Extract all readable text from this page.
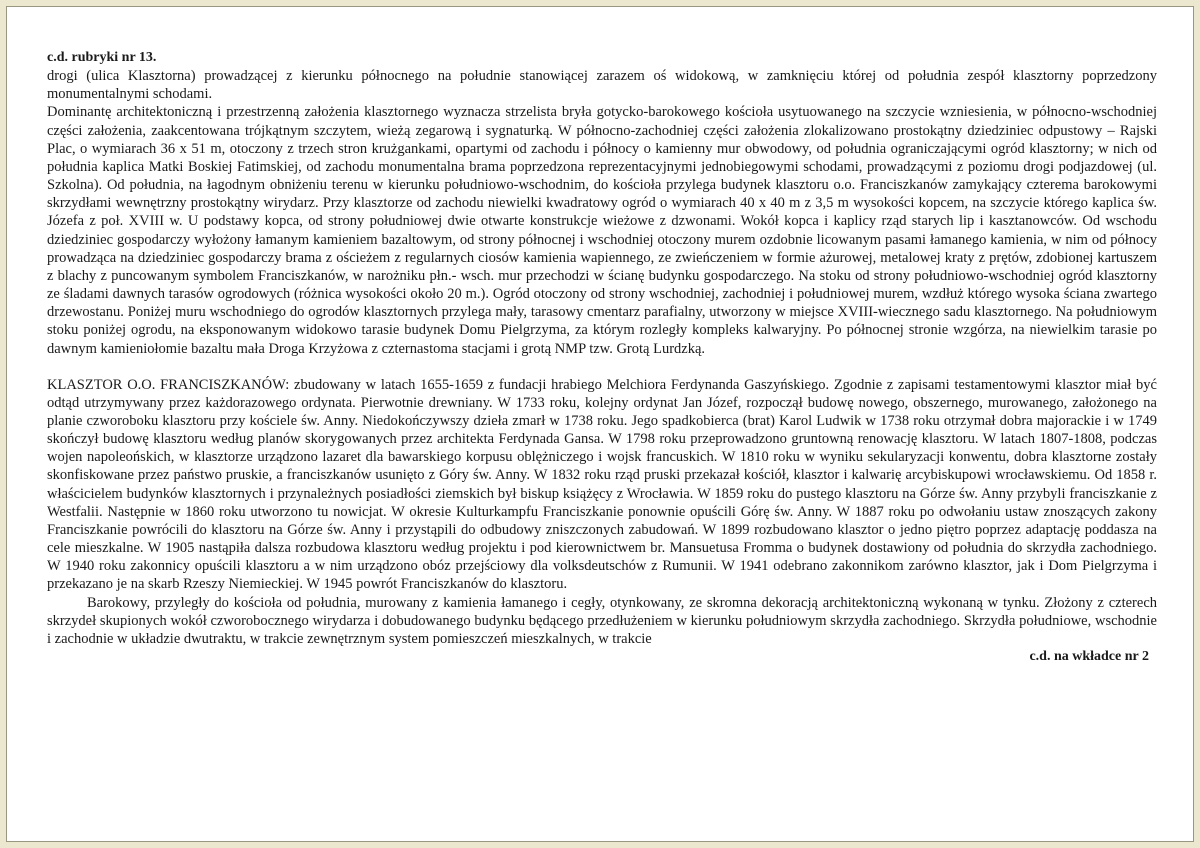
c.d. rubryki nr 13.

drogi (ulica Klasztorna) prowadzącej z kierunku północnego na południe stanowiącej zarazem oś widokową, w zamknięciu której od południa zespół klasztorny poprzedzony monumentalnymi schodami.

Dominantę architektoniczną i przestrzenną założenia klasztornego wyznacza strzelista bryła gotycko-barokowego kościoła usytuowanego na szczycie wzniesienia, w północno-wschodniej części założenia, zaakcentowana trójkątnym szczytem, wieżą zegarową i sygnaturką. W północno-zachodniej części założenia zlokalizowano prostokątny dziedziniec odpustowy – Rajski Plac, o wymiarach 36 x 51 m, otoczony z trzech stron krużgankami, opartymi od zachodu i północy o kamienny mur obwodowy, od południa ograniczającymi ogród klasztorny; w nich od południa kaplica Matki Boskiej Fatimskiej, od zachodu monumentalna brama poprzedzona reprezentacyjnymi jednobiegowymi schodami, prowadzącymi z poziomu drogi podjazdowej (ul. Szkolna). Od południa, na łagodnym obniżeniu terenu w kierunku południowo-wschodnim, do kościoła przylega budynek klasztoru o.o. Franciszkanów zamykający czterema barokowymi skrzydłami wewnętrzny prostokątny wirydarz. Przy klasztorze od zachodu niewielki kwadratowy ogród o wymiarach 40 x 40 m z 3,5 m wysokości kopcem, na szczycie którego kaplica św. Józefa z poł. XVIII w. U podstawy kopca, od strony południowej dwie otwarte konstrukcje wieżowe z dzwonami. Wokół kopca i kaplicy rząd starych lip i kasztanowców. Od wschodu dziedziniec gospodarczy wyłożony łamanym kamieniem bazaltowym, od strony północnej i wschodniej otoczony murem ozdobnie licowanym pasami łamanego kamienia, w nim od północy prowadząca na dziedziniec gospodarczy brama z ościeżem z regularnych ciosów kamienia wapiennego, ze zwieńczeniem w formie ażurowej, metalowej kraty z prętów, zdobionej kartuszem z blachy z puncowanym symbolem Franciszkanów, w narożniku płn.- wsch. mur przechodzi w ścianę budynku gospodarczego. Na stoku od strony południowo-wschodniej ogród klasztorny ze śladami dawnych tarasów ogrodowych (różnica wysokości około 20 m.). Ogród otoczony od strony wschodniej, zachodniej i południowej murem, wzdłuż którego wysoka ściana zwartego drzewostanu. Poniżej muru wschodniego do ogrodów klasztornych przylega mały, tarasowy cmentarz parafialny, utworzony w miejsce XVIII-wiecznego sadu klasztornego. Na południowym stoku poniżej ogrodu, na eksponowanym widokowo tarasie budynek Domu Pielgrzyma, za którym rozległy kompleks kalwaryjny. Po północnej stronie wzgórza, na niewielkim tarasie po dawnym kamieniołomie bazaltu mała Droga Krzyżowa z czternastoma stacjami i grotą NMP tzw. Grotą Lurdzką.

KLASZTOR O.O. FRANCISZKANÓW: zbudowany w latach 1655-1659 z fundacji hrabiego Melchiora Ferdynanda Gaszyńskiego. Zgodnie z zapisami testamentowymi klasztor miał być odtąd utrzymywany przez każdorazowego ordynata. Pierwotnie drewniany. W 1733 roku, kolejny ordynat Jan Józef, rozpoczął budowę nowego, obszernego, murowanego, założonego na planie czworoboku klasztoru przy kościele św. Anny. Niedokończywszy dzieła zmarł w 1738 roku. Jego spadkobierca (brat) Karol Ludwik w 1738 roku otrzymał dobra majorackie i w 1749 skończył budowę klasztoru według planów skorygowanych przez architekta Ferdynada Gansa. W 1798 roku przeprowadzono gruntowną renowację klasztoru. W latach 1807-1808, podczas wojen napoleońskich, w klasztorze urządzono lazaret dla bawarskiego korpusu oblężniczego i wojsk francuskich. W 1810 roku w wyniku sekularyzacji konwentu, dobra klasztorne zostały skonfiskowane przez państwo pruskie, a franciszkanów usunięto z Góry św. Anny. W 1832 roku rząd pruski przekazał kościół, klasztor i kalwarię arcybiskupowi wrocławskiemu. Od 1858 r. właścicielem budynków klasztornych i przynależnych posiadłości ziemskich był biskup książęcy z Wrocławia. W 1859 roku do pustego klasztoru na Górze św. Anny przybyli franciszkanie z Westfalii. Następnie w 1860 roku utworzono tu nowicjat. W okresie Kulturkampfu Franciszkanie ponownie opuścili Górę św. Anny. W 1887 roku po odwołaniu ustaw znoszących zakony Franciszkanie powrócili do klasztoru na Górze św. Anny i przystąpili do odbudowy zniszczonych zabudowań. W 1899 rozbudowano klasztor o jedno piętro poprzez adaptację poddasza na cele mieszkalne. W 1905 nastąpiła dalsza rozbudowa klasztoru według projektu i pod kierownictwem br. Mansuetusa Fromma o budynek dostawiony od południa do skrzydła zachodniego. W 1940 roku zakonnicy opuścili klasztoru a w nim urządzono obóz przejściowy dla volksdeutschów z Rumunii. W 1941 odebrano zakonnikom zarówno klasztor, jak i Dom Pielgrzyma i przekazano je na skarb Rzeszy Niemieckiej. W 1945 powrót Franciszkanów do klasztoru.

Barokowy, przyległy do kościoła od południa, murowany z kamienia łamanego i cegły, otynkowany, ze skromna dekoracją architektoniczną wykonaną w tynku. Złożony z czterech skrzydeł skupionych wokół czworobocznego wirydarza i dobudowanego budynku będącego przedłużeniem w kierunku południowym skrzydła zachodniego. Skrzydła południowe, wschodnie i zachodnie w układzie dwutraktu, w trakcie zewnętrznym system pomieszczeń mieszkalnych, w trakcie

c.d. na wkładce nr 2
